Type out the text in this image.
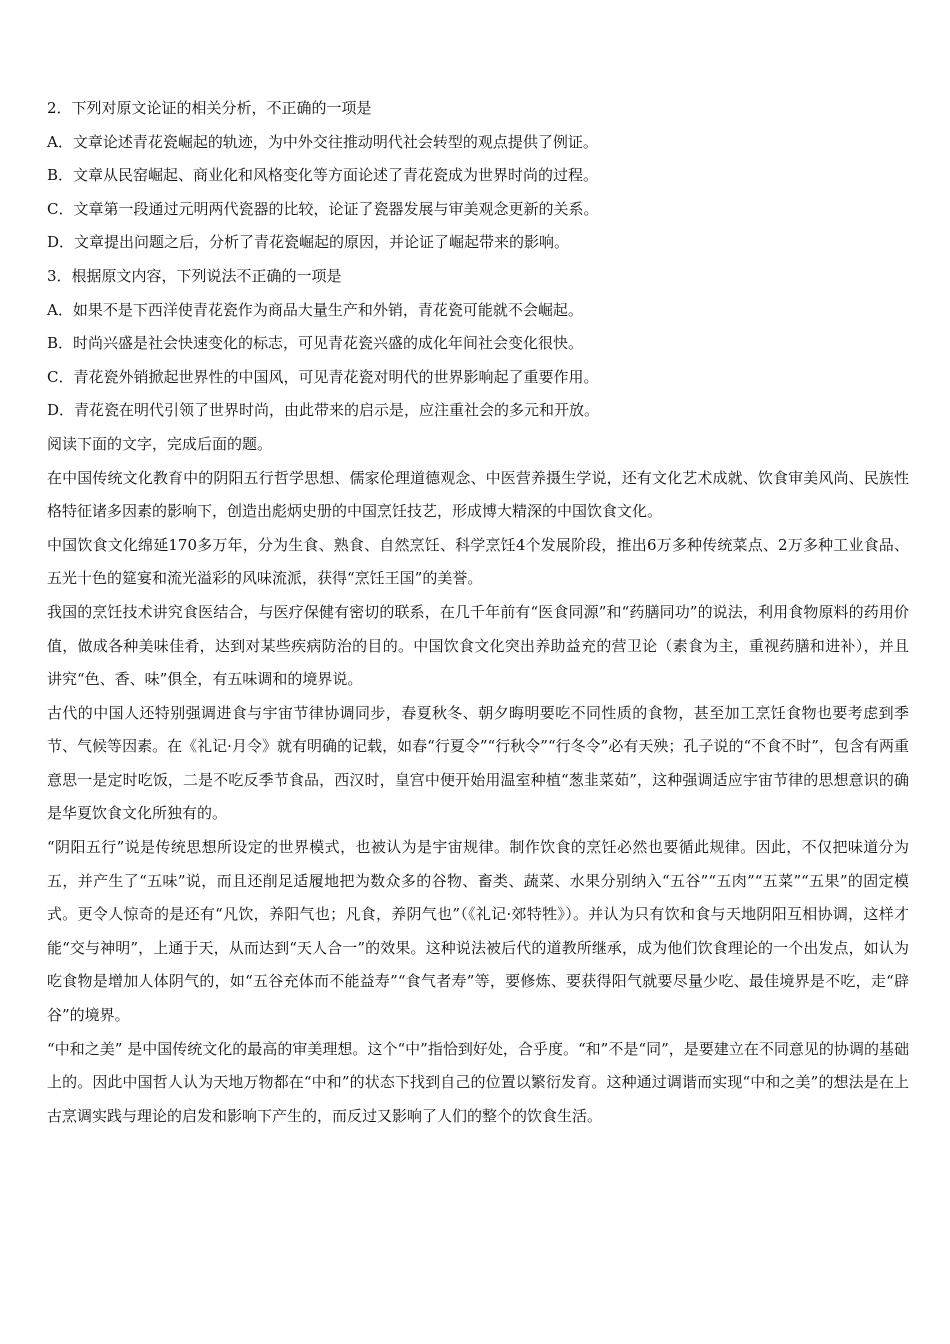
2．下列对原文论证的相关分析，不正确的一项是

A．文章论述青花瓷崛起的轨迹，为中外交往推动明代社会转型的观点提供了例证。

B．文章从民窑崛起、商业化和风格变化等方面论述了青花瓷成为世界时尚的过程。

C．文章第一段通过元明两代瓷器的比较，论证了瓷器发展与审美观念更新的关系。

D．文章提出问题之后，分析了青花瓷崛起的原因，并论证了崛起带来的影响。

3．根据原文内容，下列说法不正确的一项是

A．如果不是下西洋使青花瓷作为商品大量生产和外销，青花瓷可能就不会崛起。

B．时尚兴盛是社会快速变化的标志，可见青花瓷兴盛的成化年间社会变化很快。

C．青花瓷外销掀起世界性的中国风，可见青花瓷对明代的世界影响起了重要作用。

D．青花瓷在明代引领了世界时尚，由此带来的启示是，应注重社会的多元和开放。

阅读下面的文字，完成后面的题。

在中国传统文化教育中的阴阳五行哲学思想、儒家伦理道德观念、中医营养摄生学说，还有文化艺术成就、饮食审美风尚、民族性格特征诸多因素的影响下，创造出彪炳史册的中国烹饪技艺，形成博大精深的中国饮食文化。

中国饮食文化绵延170多万年，分为生食、熟食、自然烹饪、科学烹饪4个发展阶段，推出6万多种传统菜点、2万多种工业食品、五光十色的筵宴和流光溢彩的风味流派，获得“烹饪王国”的美誉。

我国的烹饪技术讲究食医结合，与医疗保健有密切的联系，在几千年前有“医食同源”和“药膳同功”的说法，利用食物原料的药用价值，做成各种美味佳肴，达到对某些疾病防治的目的。中国饮食文化突出养助益充的营卫论（素食为主，重视药膳和进补），并且讲究“色、香、味”俱全，有五味调和的境界说。

古代的中国人还特别强调进食与宇宙节律协调同步，春夏秋冬、朝夕晦明要吃不同性质的食物，甚至加工烹饪食物也要考虑到季节、气候等因素。在《礼记·月令》就有明确的记载，如春“行夏令”“行秋令”“行冬令”必有天殃；孔子说的“不食不时”，包含有两重意思一是定时吃饭，二是不吃反季节食品，西汉时，皇宫中便开始用温室种植“葱韭菜茹”，这种强调适应宇宙节律的思想意识的确是华夏饮食文化所独有的。

“阴阳五行”说是传统思想所设定的世界模式，也被认为是宇宙规律。制作饮食的烹饪必然也要循此规律。因此，不仅把味道分为五，并产生了“五味”说，而且还削足适履地把为数众多的谷物、畜类、蔬菜、水果分别纳入“五谷”“五肉”“五菜”“五果”的固定模式。更令人惊奇的是还有“凡饮，养阳气也；凡食，养阴气也”（《礼记·郊特牲》）。并认为只有饮和食与天地阴阳互相协调，这样才能“交与神明”，上通于天，从而达到“天人合一”的效果。这种说法被后代的道教所继承，成为他们饮食理论的一个出发点，如认为吃食物是增加人体阴气的，如“五谷充体而不能益寿”“食气者寿”等，要修炼、要获得阳气就要尽量少吃、最佳境界是不吃，走“辟谷”的境界。

“中和之美” 是中国传统文化的最高的审美理想。这个“中”指恰到好处，合乎度。“和”不是“同”，是要建立在不同意见的协调的基础上的。因此中国哲人认为天地万物都在“中和”的状态下找到自己的位置以繁衍发育。这种通过调谐而实现“中和之美”的想法是在上古烹调实践与理论的启发和影响下产生的，而反过又影响了人们的整个的饮食生活。
